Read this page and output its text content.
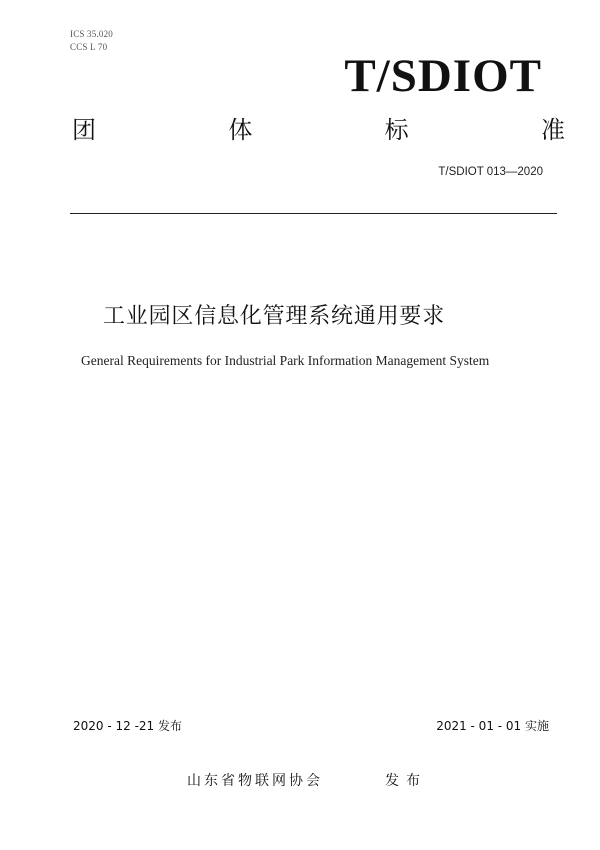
ICS 35.020
CCS L 70
T/SDIOT
团	体	标	准
T/SDIOT 013—2020
工业园区信息化管理系统通用要求
General Requirements for Industrial Park Information Management System
2020 - 12 -21 发布	2021 - 01 - 01 实施
山东省物联网协会	发布
